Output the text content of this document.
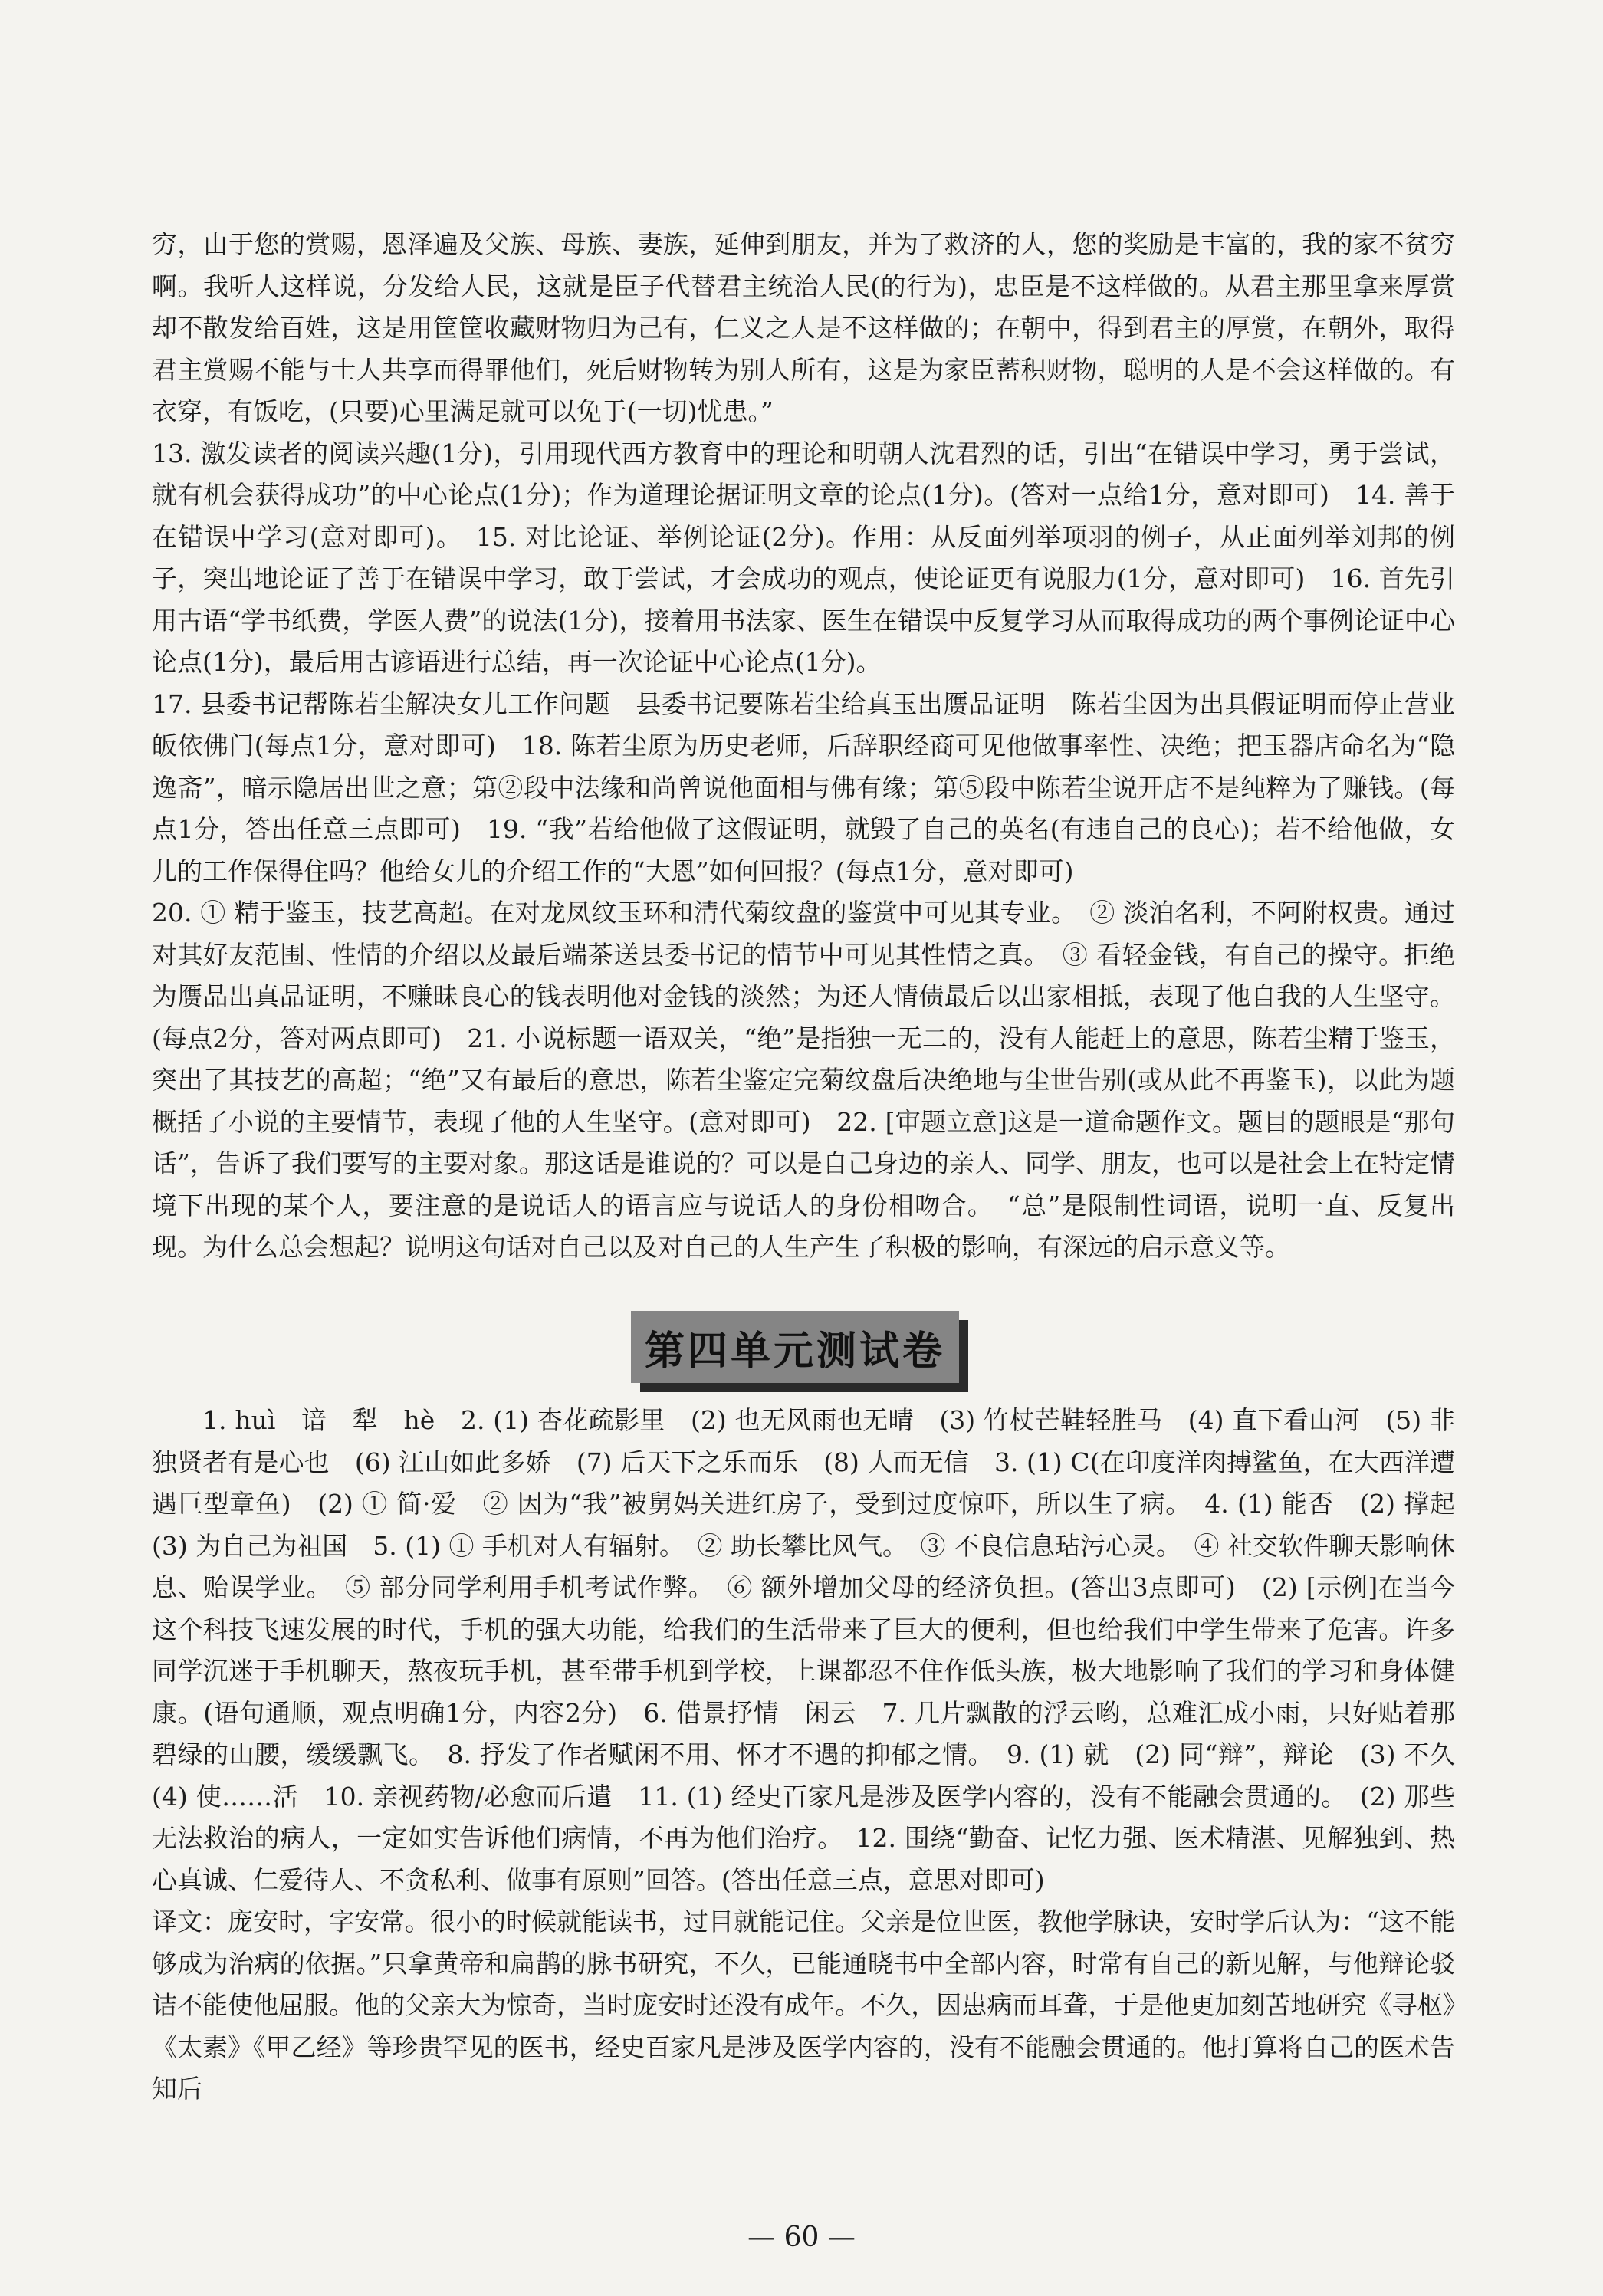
穷，由于您的赏赐，恩泽遍及父族、母族、妻族，延伸到朋友，并为了救济的人，您的奖励是丰富的，我的家不贫穷啊。我听人这样说，分发给人民，这就是臣子代替君主统治人民(的行为)，忠臣是不这样做的。从君主那里拿来厚赏却不散发给百姓，这是用筐筐收藏财物归为己有，仁义之人是不这样做的；在朝中，得到君主的厚赏，在朝外，取得君主赏赐不能与士人共享而得罪他们，死后财物转为别人所有，这是为家臣蓄积财物，聪明的人是不会这样做的。有衣穿，有饭吃，(只要)心里满足就可以免于(一切)忧患。”

13. 激发读者的阅读兴趣(1分)，引用现代西方教育中的理论和明朝人沈君烈的话，引出“在错误中学习，勇于尝试，就有机会获得成功”的中心论点(1分)；作为道理论据证明文章的论点(1分)。(答对一点给1分，意对即可)　14. 善于在错误中学习(意对即可)。　15. 对比论证、举例论证(2分)。作用：从反面列举项羽的例子，从正面列举刘邦的例子，突出地论证了善于在错误中学习，敢于尝试，才会成功的观点，使论证更有说服力(1分，意对即可)　16. 首先引用古语“学书纸费，学医人费”的说法(1分)，接着用书法家、医生在错误中反复学习从而取得成功的两个事例论证中心论点(1分)，最后用古谚语进行总结，再一次论证中心论点(1分)。

17. 县委书记帮陈若尘解决女儿工作问题　县委书记要陈若尘给真玉出赝品证明　陈若尘因为出具假证明而停止营业皈依佛门(每点1分，意对即可)　18. 陈若尘原为历史老师，后辞职经商可见他做事率性、决绝；把玉器店命名为“隐逸斋”，暗示隐居出世之意；第②段中法缘和尚曾说他面相与佛有缘；第⑤段中陈若尘说开店不是纯粹为了赚钱。(每点1分，答出任意三点即可)　19. “我”若给他做了这假证明，就毁了自己的英名(有违自己的良心)；若不给他做，女儿的工作保得住吗？他给女儿的介绍工作的“大恩”如何回报？(每点1分，意对即可)

20. ① 精于鉴玉，技艺高超。在对龙凤纹玉环和清代菊纹盘的鉴赏中可见其专业。　② 淡泊名利，不阿附权贵。通过对其好友范围、性情的介绍以及最后端茶送县委书记的情节中可见其性情之真。　③ 看轻金钱，有自己的操守。拒绝为赝品出真品证明，不赚昧良心的钱表明他对金钱的淡然；为还人情债最后以出家相抵，表现了他自我的人生坚守。(每点2分，答对两点即可)　21. 小说标题一语双关，“绝”是指独一无二的，没有人能赶上的意思，陈若尘精于鉴玉，突出了其技艺的高超；“绝”又有最后的意思，陈若尘鉴定完菊纹盘后决绝地与尘世告别(或从此不再鉴玉)，以此为题概括了小说的主要情节，表现了他的人生坚守。(意对即可)　22. [审题立意]这是一道命题作文。题目的题眼是“那句话”，告诉了我们要写的主要对象。那这话是谁说的？可以是自己身边的亲人、同学、朋友，也可以是社会上在特定情境下出现的某个人，要注意的是说话人的语言应与说话人的身份相吻合。　“总”是限制性词语，说明一直、反复出现。为什么总会想起？说明这句话对自己以及对自己的人生产生了积极的影响，有深远的启示意义等。

第四单元测试卷

1. huì　谙　犁　hè　2. (1) 杏花疏影里　(2) 也无风雨也无晴　(3) 竹杖芒鞋轻胜马　(4) 直下看山河　(5) 非独贤者有是心也　(6) 江山如此多娇　(7) 后天下之乐而乐　(8) 人而无信　3. (1) C(在印度洋肉搏鲨鱼，在大西洋遭遇巨型章鱼)　(2) ① 简·爱　② 因为“我”被舅妈关进红房子，受到过度惊吓，所以生了病。　4. (1) 能否　(2) 撑起　(3) 为自己为祖国　5. (1) ① 手机对人有辐射。　② 助长攀比风气。　③ 不良信息玷污心灵。　④ 社交软件聊天影响休息、贻误学业。　⑤ 部分同学利用手机考试作弊。　⑥ 额外增加父母的经济负担。(答出3点即可)　(2) [示例]在当今这个科技飞速发展的时代，手机的强大功能，给我们的生活带来了巨大的便利，但也给我们中学生带来了危害。许多同学沉迷于手机聊天，熬夜玩手机，甚至带手机到学校，上课都忍不住作低头族，极大地影响了我们的学习和身体健康。(语句通顺，观点明确1分，内容2分)　6. 借景抒情　闲云　7. 几片飘散的浮云哟，总难汇成小雨，只好贴着那碧绿的山腰，缓缓飘飞。　8. 抒发了作者赋闲不用、怀才不遇的抑郁之情。　9. (1) 就　(2) 同“辩”，辩论　(3) 不久　(4) 使……活　10. 亲视药物/必愈而后遣　11. (1) 经史百家凡是涉及医学内容的，没有不能融会贯通的。　(2) 那些无法救治的病人，一定如实告诉他们病情，不再为他们治疗。　12. 围绕“勤奋、记忆力强、医术精湛、见解独到、热心真诚、仁爱待人、不贪私利、做事有原则”回答。(答出任意三点，意思对即可)

译文：庞安时，字安常。很小的时候就能读书，过目就能记住。父亲是位世医，教他学脉诀，安时学后认为：“这不能够成为治病的依据。”只拿黄帝和扁鹊的脉书研究，不久，已能通晓书中全部内容，时常有自己的新见解，与他辩论驳诘不能使他屈服。他的父亲大为惊奇，当时庞安时还没有成年。不久，因患病而耳聋，于是他更加刻苦地研究《寻枢》《太素》《甲乙经》等珍贵罕见的医书，经史百家凡是涉及医学内容的，没有不能融会贯通的。他打算将自己的医术告知后

— 60 —
